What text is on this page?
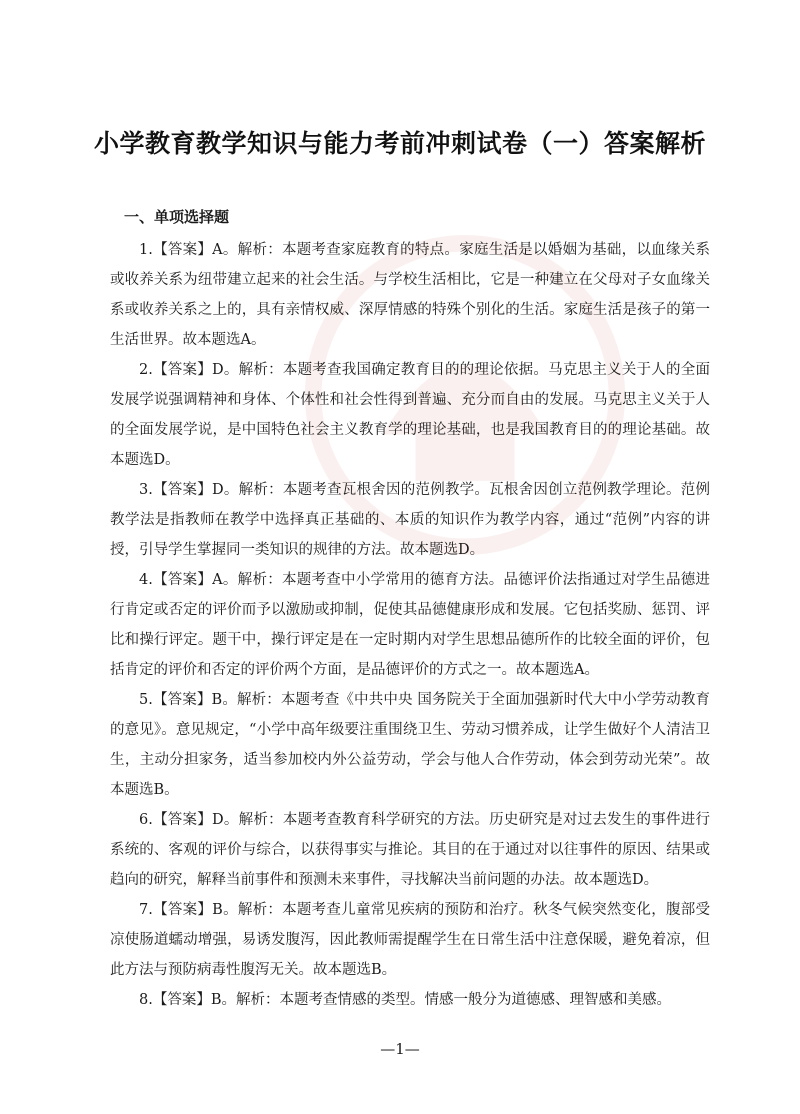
小学教育教学知识与能力考前冲刺试卷（一）答案解析
一、单项选择题

1.【答案】A。解析：本题考查家庭教育的特点。家庭生活是以婚姻为基础，以血缘关系或收养关系为纽带建立起来的社会生活。与学校生活相比，它是一种建立在父母对子女血缘关系或收养关系之上的，具有亲情权威、深厚情感的特殊个别化的生活。家庭生活是孩子的第一生活世界。故本题选A。

2.【答案】D。解析：本题考查我国确定教育目的的理论依据。马克思主义关于人的全面发展学说强调精神和身体、个体性和社会性得到普遍、充分而自由的发展。马克思主义关于人的全面发展学说，是中国特色社会主义教育学的理论基础，也是我国教育目的的理论基础。故本题选D。

3.【答案】D。解析：本题考查瓦根舍因的范例教学。瓦根舍因创立范例教学理论。范例教学法是指教师在教学中选择真正基础的、本质的知识作为教学内容，通过“范例”内容的讲授，引导学生掌握同一类知识的规律的方法。故本题选D。

4.【答案】A。解析：本题考查中小学常用的德育方法。品德评价法指通过对学生品德进行肯定或否定的评价而予以激励或抑制，促使其品德健康形成和发展。它包括奖励、惩罚、评比和操行评定。题干中，操行评定是在一定时期内对学生思想品德所作的比较全面的评价，包括肯定的评价和否定的评价两个方面，是品德评价的方式之一。故本题选A。

5.【答案】B。解析：本题考查《中共中央 国务院关于全面加强新时代大中小学劳动教育的意见》。意见规定，“小学中高年级要注重围绕卫生、劳动习惯养成，让学生做好个人清洁卫生，主动分担家务，适当参加校内外公益劳动，学会与他人合作劳动，体会到劳动光荣”。故本题选B。

6.【答案】D。解析：本题考查教育科学研究的方法。历史研究是对过去发生的事件进行系统的、客观的评价与综合，以获得事实与推论。其目的在于通过对以往事件的原因、结果或趋向的研究，解释当前事件和预测未来事件，寻找解决当前问题的办法。故本题选D。

7.【答案】B。解析：本题考查儿童常见疾病的预防和治疗。秋冬气候突然变化，腹部受凉使肠道蠕动增强，易诱发腹泻，因此教师需提醒学生在日常生活中注意保暖，避免着凉，但此方法与预防病毒性腹泻无关。故本题选B。

8.【答案】B。解析：本题考查情感的类型。情感一般分为道德感、理智感和美感。

—1—
